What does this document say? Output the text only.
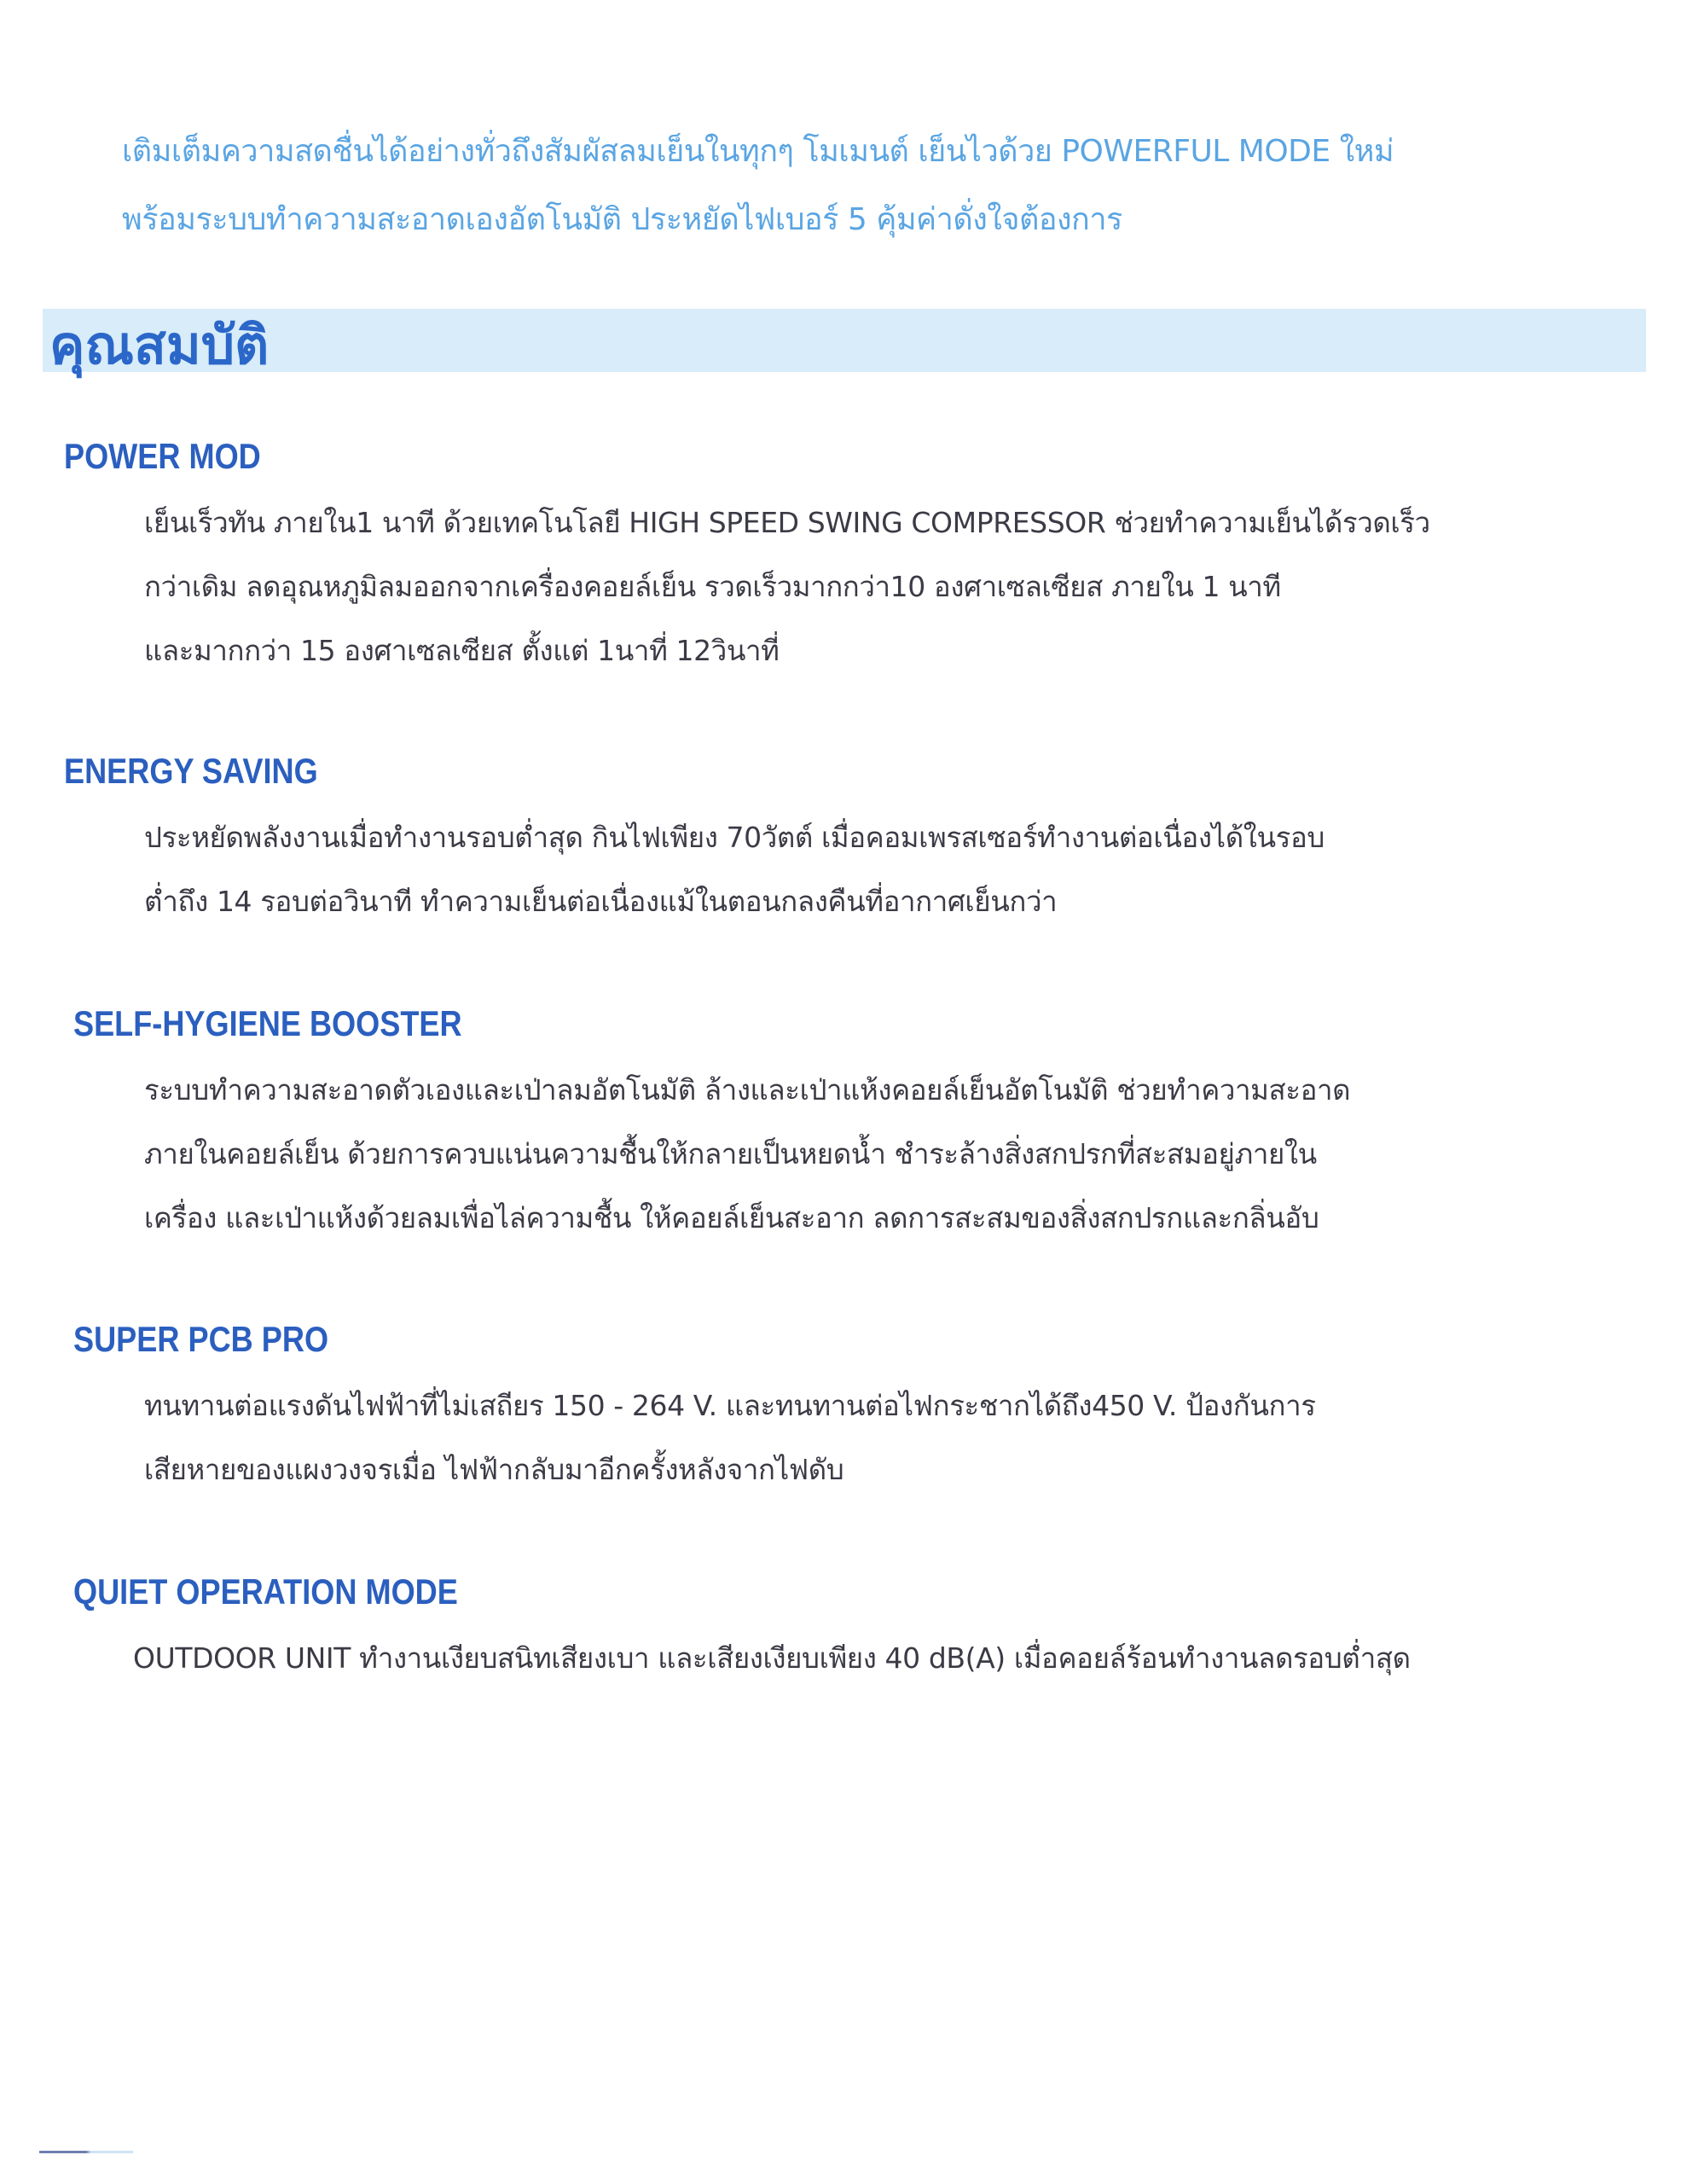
เติมเต็มความสดชื่นได้อย่างทั่วถึงสัมผัสลมเย็นในทุกๆ โมเมนต์ เย็นไวด้วย POWERFUL MODE ใหม่
พร้อมระบบทำความสะอาดเองอัตโนมัติ ประหยัดไฟเบอร์ 5 คุ้มค่าดั่งใจต้องการ
คุณสมบัติ
POWER MOD
เย็นเร็วทัน ภายใน1 นาที ด้วยเทคโนโลยี HIGH SPEED SWING COMPRESSOR ช่วยทำความเย็นได้รวดเร็ว
กว่าเดิม ลดอุณหภูมิลมออกจากเครื่องคอยล์เย็น รวดเร็วมากกว่า10 องศาเซลเซียส ภายใน 1 นาที
และมากกว่า 15 องศาเซลเซียส ตั้งแต่ 1นาที่ 12วินาที่
ENERGY SAVING
ประหยัดพลังงานเมื่อทำงานรอบต่ำสุด กินไฟเพียง 70วัตต์ เมื่อคอมเพรสเซอร์ทำงานต่อเนื่องได้ในรอบ
ต่ำถึง 14 รอบต่อวินาที ทำความเย็นต่อเนื่องแม้ในตอนกลงคืนที่อากาศเย็นกว่า
SELF-HYGIENE BOOSTER
ระบบทำความสะอาดตัวเองและเป่าลมอัตโนมัติ ล้างและเป่าแห้งคอยล์เย็นอัตโนมัติ ช่วยทำความสะอาด
ภายในคอยล์เย็น ด้วยการควบแน่นความชื้นให้กลายเป็นหยดน้ำ ชำระล้างสิ่งสกปรกที่สะสมอยู่ภายใน
เครื่อง และเป่าแห้งด้วยลมเพื่อไล่ความชื้น ให้คอยล์เย็นสะอาก ลดการสะสมของสิ่งสกปรกและกลิ่นอับ
SUPER PCB PRO
ทนทานต่อแรงดันไฟฟ้าที่ไม่เสถียร 150 - 264 V. และทนทานต่อไฟกระชากได้ถึง450 V. ป้องกันการ
เสียหายของแผงวงจรเมื่อ ไฟฟ้ากลับมาอีกครั้งหลังจากไฟดับ
QUIET OPERATION MODE
OUTDOOR UNIT ทำงานเงียบสนิทเสียงเบา และเสียงเงียบเพียง 40 dB(A) เมื่อคอยล์ร้อนทำงานลดรอบต่ำสุด
